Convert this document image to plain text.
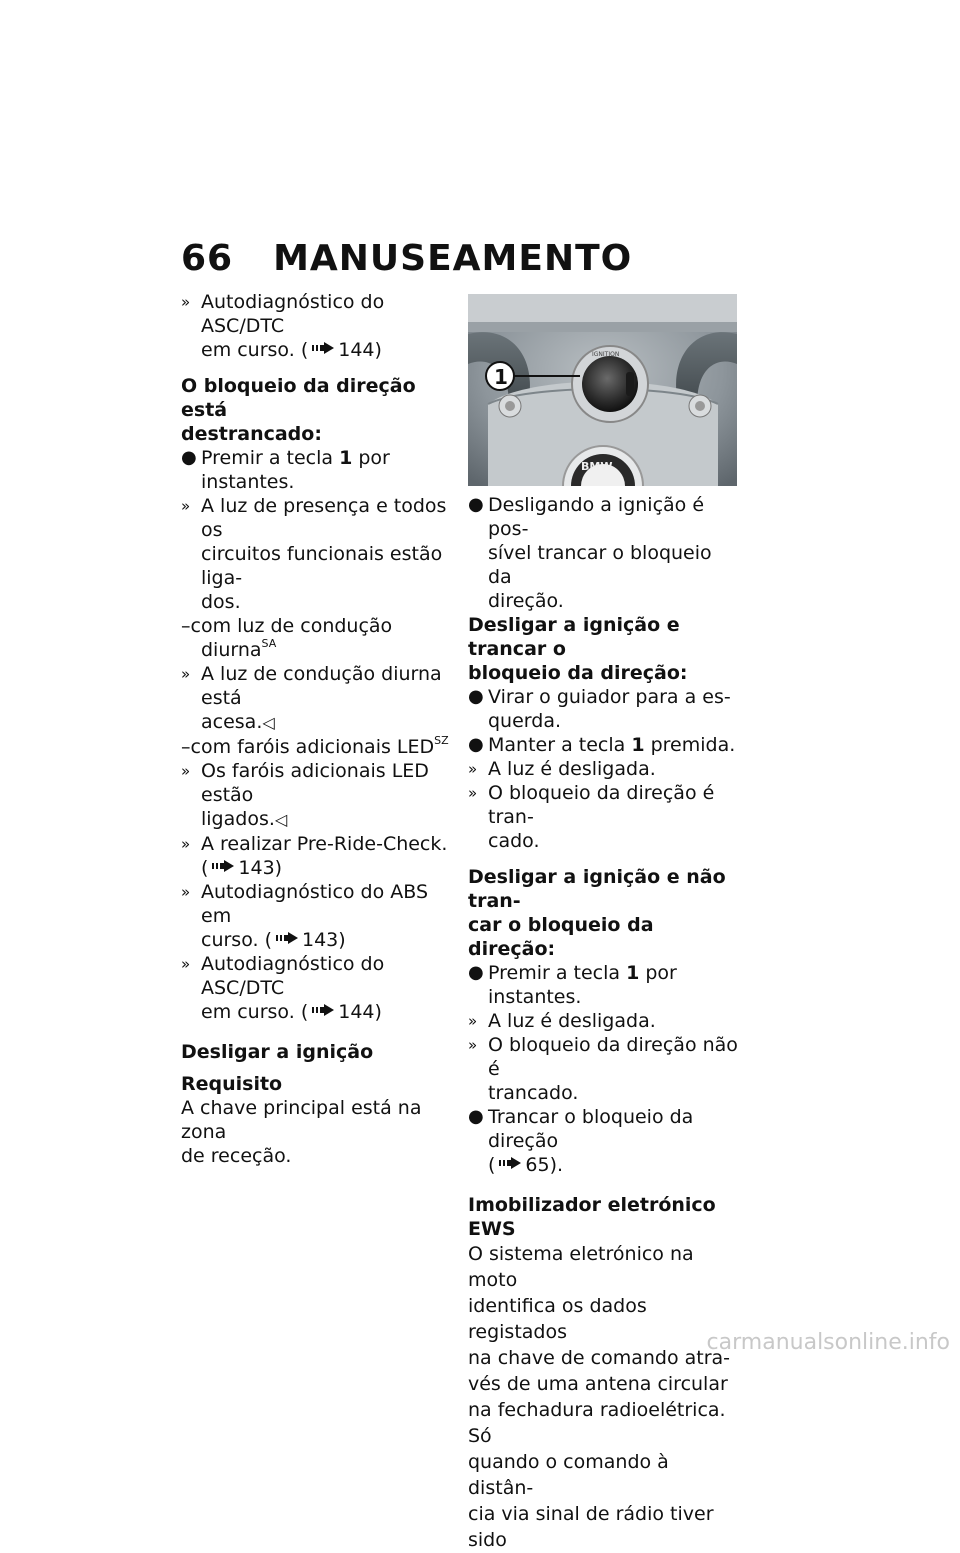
66 MANUSEAMENTO
» Autodiagnóstico do ASC/DTC
em curso. ( 144)
O bloqueio da direção está
destrancado:
● Premir a tecla 1 por instantes.
» A luz de presença e todos os
circuitos funcionais estão liga-
dos.
–com luz de condução
diurna$^{SA}$
» A luz de condução diurna está
acesa.◁
–com faróis adicionais $LED^{SZ}$
» Os faróis adicionais LED estão
ligados.◁
» A realizar Pre-Ride-Check.
( 143)
» Autodiagnóstico do ABS em
curso. ( 143)
» Autodiagnóstico do ASC/DTC
em curso. ( 144)
Desligar a ignição
Requisito
A chave principal está na zona
de receção.
IGNITION
BMW
1
● Desligando a ignição é pos-
sível trancar o bloqueio da
direção.
Desligar a ignição e trancar o
bloqueio da direção:
● Virar o guiador para a es-
querda.
● Manter a tecla 1 premida.
» A luz é desligada.
» O bloqueio da direção é tran-
cado.
Desligar a ignição e não tran-
car o bloqueio da direção:
● Premir a tecla 1 por instantes.
» A luz é desligada.
» O bloqueio da direção não é
trancado.
● Trancar o bloqueio da direção
( 65).
Imobilizador eletrónico EWS
O sistema eletrónico na moto
identifica os dados registados
na chave de comando atra-
vés de uma antena circular
na fechadura radioelétrica. Só
quando o comando à distân-
cia via sinal de rádio tiver sido
carmanualsonline.info
